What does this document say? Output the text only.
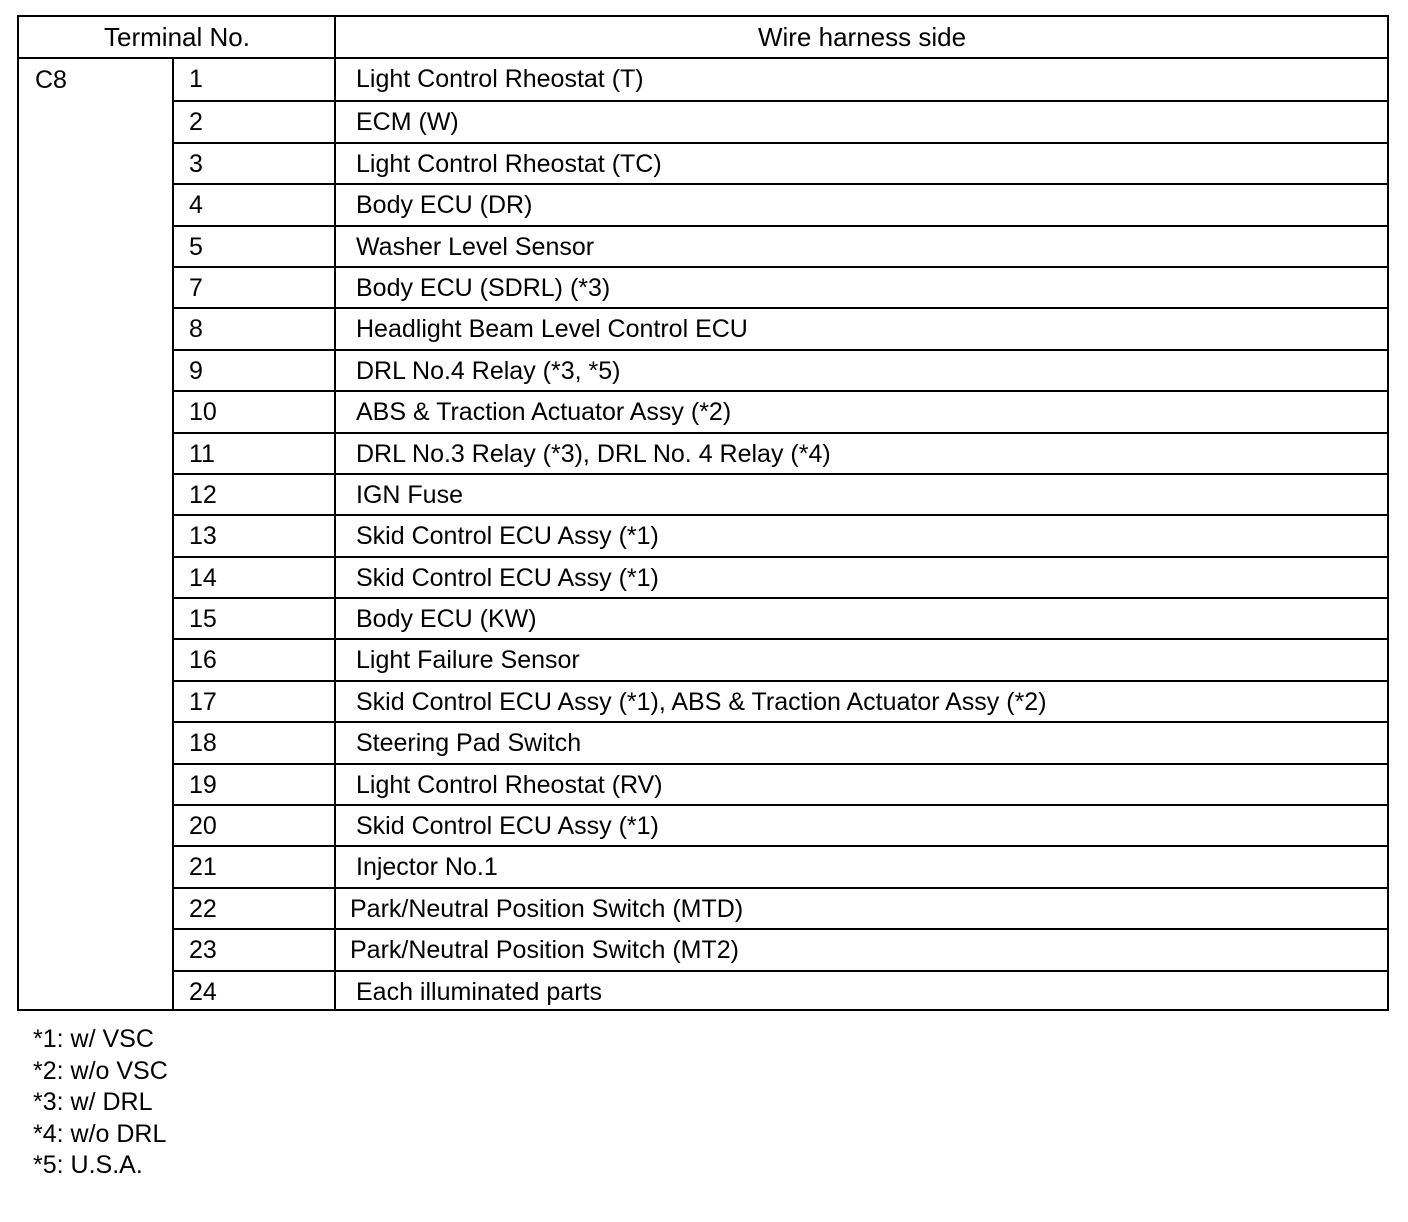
Terminal No.	Wire harness side
C8	1	Light Control Rheostat (T)
2	ECM (W)
3	Light Control Rheostat (TC)
4	Body ECU (DR)
5	Washer Level Sensor
7	Body ECU (SDRL) (*3)
8	Headlight Beam Level Control ECU
9	DRL No.4 Relay (*3, *5)
10	ABS & Traction Actuator Assy (*2)
11	DRL No.3 Relay (*3), DRL No. 4 Relay (*4)
12	IGN Fuse
13	Skid Control ECU Assy (*1)
14	Skid Control ECU Assy (*1)
15	Body ECU (KW)
16	Light Failure Sensor
17	Skid Control ECU Assy (*1), ABS & Traction Actuator Assy (*2)
18	Steering Pad Switch
19	Light Control Rheostat (RV)
20	Skid Control ECU Assy (*1)
21	Injector No.1
22	Park/Neutral Position Switch (MTD)
23	Park/Neutral Position Switch (MT2)
24	Each illuminated parts
*1: w/ VSC
*2: w/o VSC
*3: w/ DRL
*4: w/o DRL
*5: U.S.A.
